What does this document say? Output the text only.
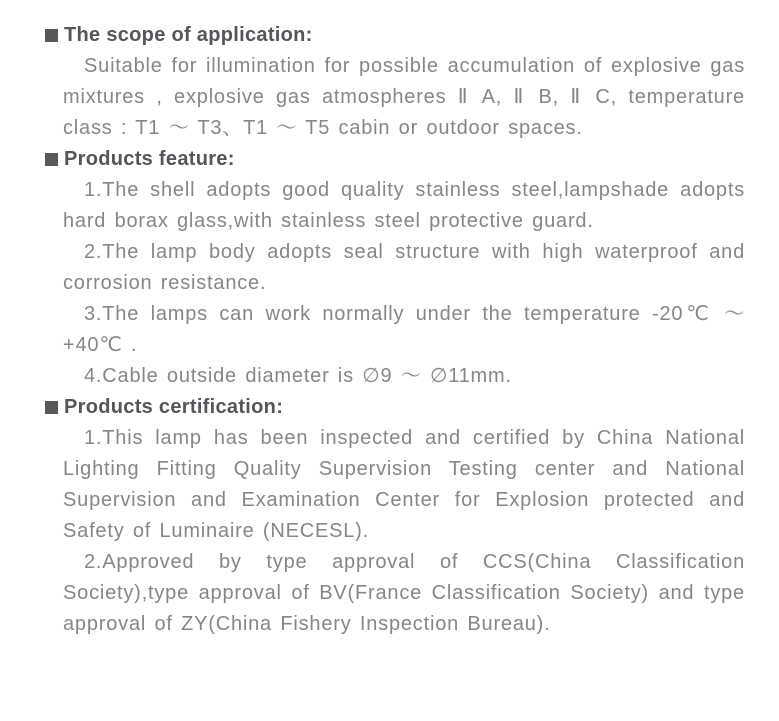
The scope of application:

Suitable for illumination for possible accumulation of explosive gas mixtures , explosive gas atmospheres Ⅱ A, Ⅱ B, Ⅱ C, temperature class : T1 ～ T3、T1 ～ T5 cabin or outdoor spaces.

Products feature:

1.The shell adopts good quality stainless steel,lampshade adopts hard borax glass,with stainless steel protective guard.

2.The lamp body adopts seal structure with high waterproof and corrosion resistance.

3.The lamps can work normally under the temperature -20℃ ～ +40℃ .

4.Cable outside diameter is ∅9 ～ ∅11mm.

Products certification:

1.This lamp has been inspected and certified by China National Lighting Fitting Quality Supervision Testing center and National Supervision and Examination Center for Explosion protected and Safety of Luminaire (NECESL).

2.Approved by type approval of CCS(China Classification Society),type approval of BV(France Classification Society) and type approval of ZY(China Fishery Inspection Bureau).
